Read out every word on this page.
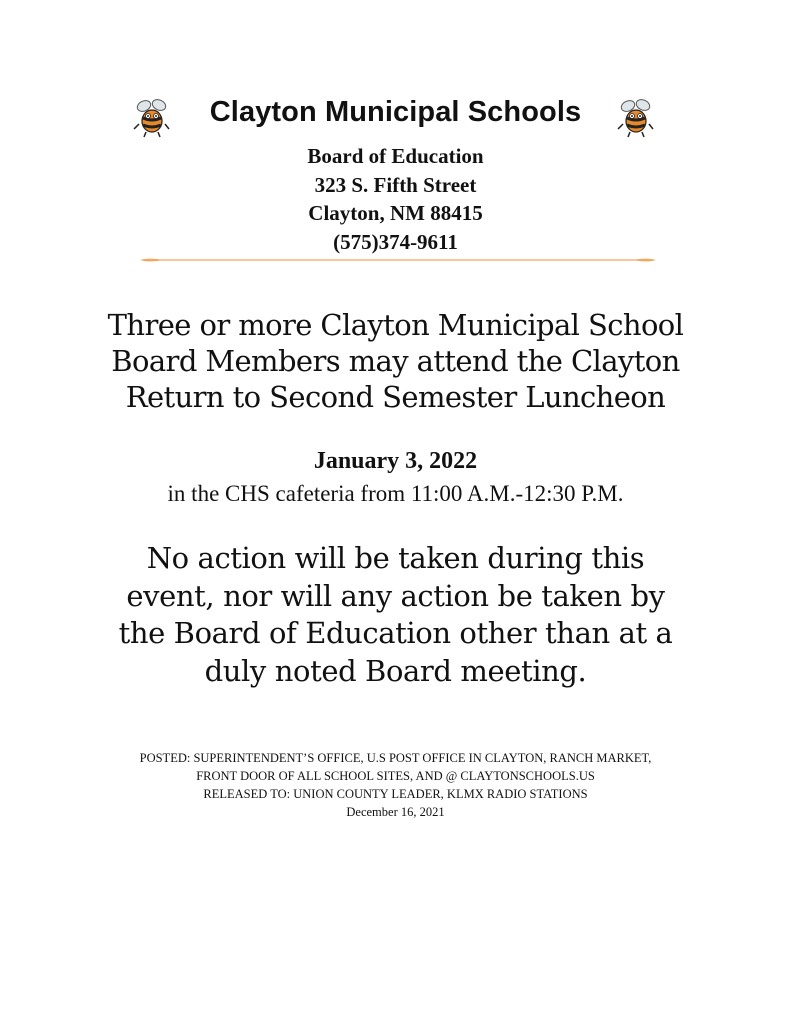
Clayton Municipal Schools
Board of Education
323 S. Fifth Street
Clayton, NM 88415
(575)374-9611
Three or more Clayton Municipal School
Board Members may attend the Clayton
Return to Second Semester Luncheon
January 3, 2022
in the CHS cafeteria from 11:00 A.M.-12:30 P.M.
No action will be taken during this
event, nor will any action be taken by
the Board of Education other than at a
duly noted Board meeting.
POSTED: SUPERINTENDENT’S OFFICE, U.S POST OFFICE IN CLAYTON, RANCH MARKET,
FRONT DOOR OF ALL SCHOOL SITES, AND @ CLAYTONSCHOOLS.US
RELEASED TO: UNION COUNTY LEADER, KLMX RADIO STATIONS
December 16, 2021
